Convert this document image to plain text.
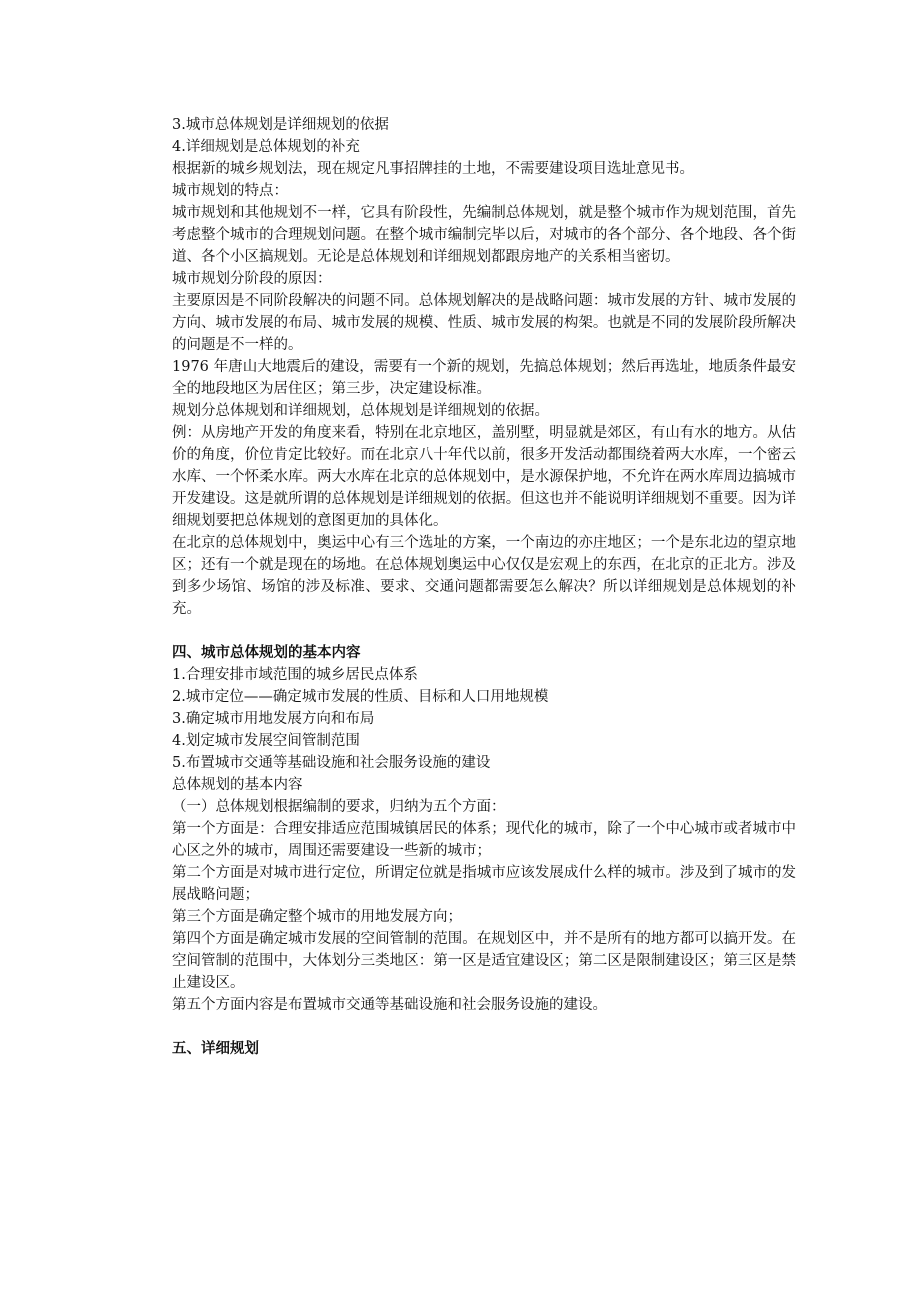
3.城市总体规划是详细规划的依据

4.详细规划是总体规划的补充

根据新的城乡规划法，现在规定凡事招牌挂的土地，不需要建设项目选址意见书。

城市规划的特点：

城市规划和其他规划不一样，它具有阶段性，先编制总体规划，就是整个城市作为规划范围，首先考虑整个城市的合理规划问题。在整个城市编制完毕以后，对城市的各个部分、各个地段、各个街道、各个小区搞规划。无论是总体规划和详细规划都跟房地产的关系相当密切。

城市规划分阶段的原因：

主要原因是不同阶段解决的问题不同。总体规划解决的是战略问题：城市发展的方针、城市发展的方向、城市发展的布局、城市发展的规模、性质、城市发展的构架。也就是不同的发展阶段所解决的问题是不一样的。

1976 年唐山大地震后的建设，需要有一个新的规划，先搞总体规划；然后再选址，地质条件最安全的地段地区为居住区；第三步，决定建设标准。

规划分总体规划和详细规划，总体规划是详细规划的依据。

例：从房地产开发的角度来看，特别在北京地区，盖别墅，明显就是郊区，有山有水的地方。从估价的角度，价位肯定比较好。而在北京八十年代以前，很多开发活动都围绕着两大水库，一个密云水库、一个怀柔水库。两大水库在北京的总体规划中，是水源保护地，不允许在两水库周边搞城市开发建设。这是就所谓的总体规划是详细规划的依据。但这也并不能说明详细规划不重要。因为详细规划要把总体规划的意图更加的具体化。

在北京的总体规划中，奥运中心有三个选址的方案，一个南边的亦庄地区；一个是东北边的望京地区；还有一个就是现在的场地。在总体规划奥运中心仅仅是宏观上的东西，在北京的正北方。涉及到多少场馆、场馆的涉及标准、要求、交通问题都需要怎么解决？所以详细规划是总体规划的补充。

四、城市总体规划的基本内容

1.合理安排市域范围的城乡居民点体系

2.城市定位——确定城市发展的性质、目标和人口用地规模

3.确定城市用地发展方向和布局

4.划定城市发展空间管制范围

5.布置城市交通等基础设施和社会服务设施的建设

总体规划的基本内容

（一）总体规划根据编制的要求，归纳为五个方面：

第一个方面是：合理安排适应范围城镇居民的体系；现代化的城市，除了一个中心城市或者城市中心区之外的城市，周围还需要建设一些新的城市；

第二个方面是对城市进行定位，所谓定位就是指城市应该发展成什么样的城市。涉及到了城市的发展战略问题；

第三个方面是确定整个城市的用地发展方向；

第四个方面是确定城市发展的空间管制的范围。在规划区中，并不是所有的地方都可以搞开发。在空间管制的范围中，大体划分三类地区：第一区是适宜建设区；第二区是限制建设区；第三区是禁止建设区。

第五个方面内容是布置城市交通等基础设施和社会服务设施的建设。

五、详细规划
